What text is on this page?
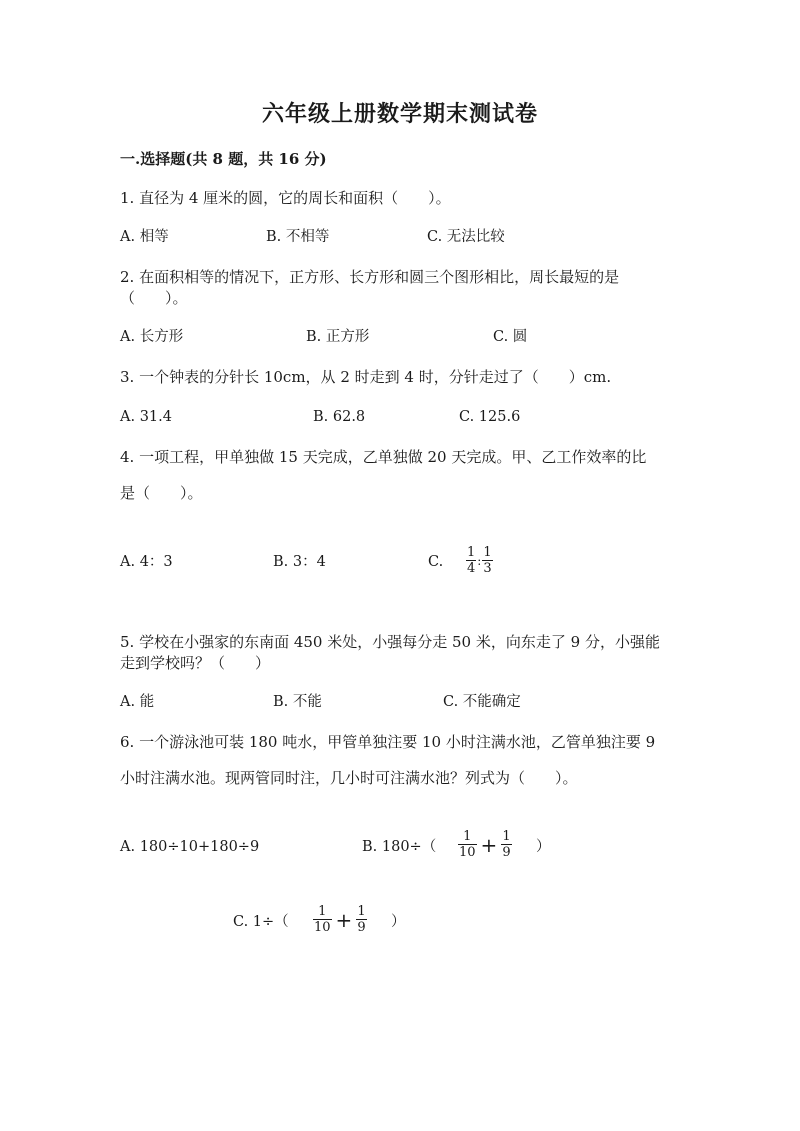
六年级上册数学期末测试卷
一.选择题(共 8 题，共 16 分)
1. 直径为 4 厘米的圆，它的周长和面积（　　）。
A. 相等	B. 不相等	C. 无法比较
2. 在面积相等的情况下，正方形、长方形和圆三个图形相比，周长最短的是
（　　）。
A. 长方形	B. 正方形	C. 圆
3. 一个钟表的分针长 10cm，从 2 时走到 4 时，分针走过了（　　）cm.
A. 31.4	B. 62.8	C. 125.6
4. 一项工程，甲单独做 15 天完成，乙单独做 20 天完成。甲、乙工作效率的比
是（　　）。
A. 4：3	B. 3：4	C. $\frac{1}{4}$ : $\frac{1}{3}$
5. 学校在小强家的东南面 450 米处，小强每分走 50 米，向东走了 9 分，小强能
走到学校吗？（　　）
A. 能	B. 不能	C. 不能确定
6. 一个游泳池可装 180 吨水，甲管单独注要 10 小时注满水池，乙管单独注要 9
小时注满水池。现两管同时注，几小时可注满水池？列式为（　　）。
A. 180÷10+180÷9	B. $180\div( \frac{1}{10} + \frac{1}{9}$ ）
C. $1\div( \frac{1}{10} + \frac{1}{9}$ ）
